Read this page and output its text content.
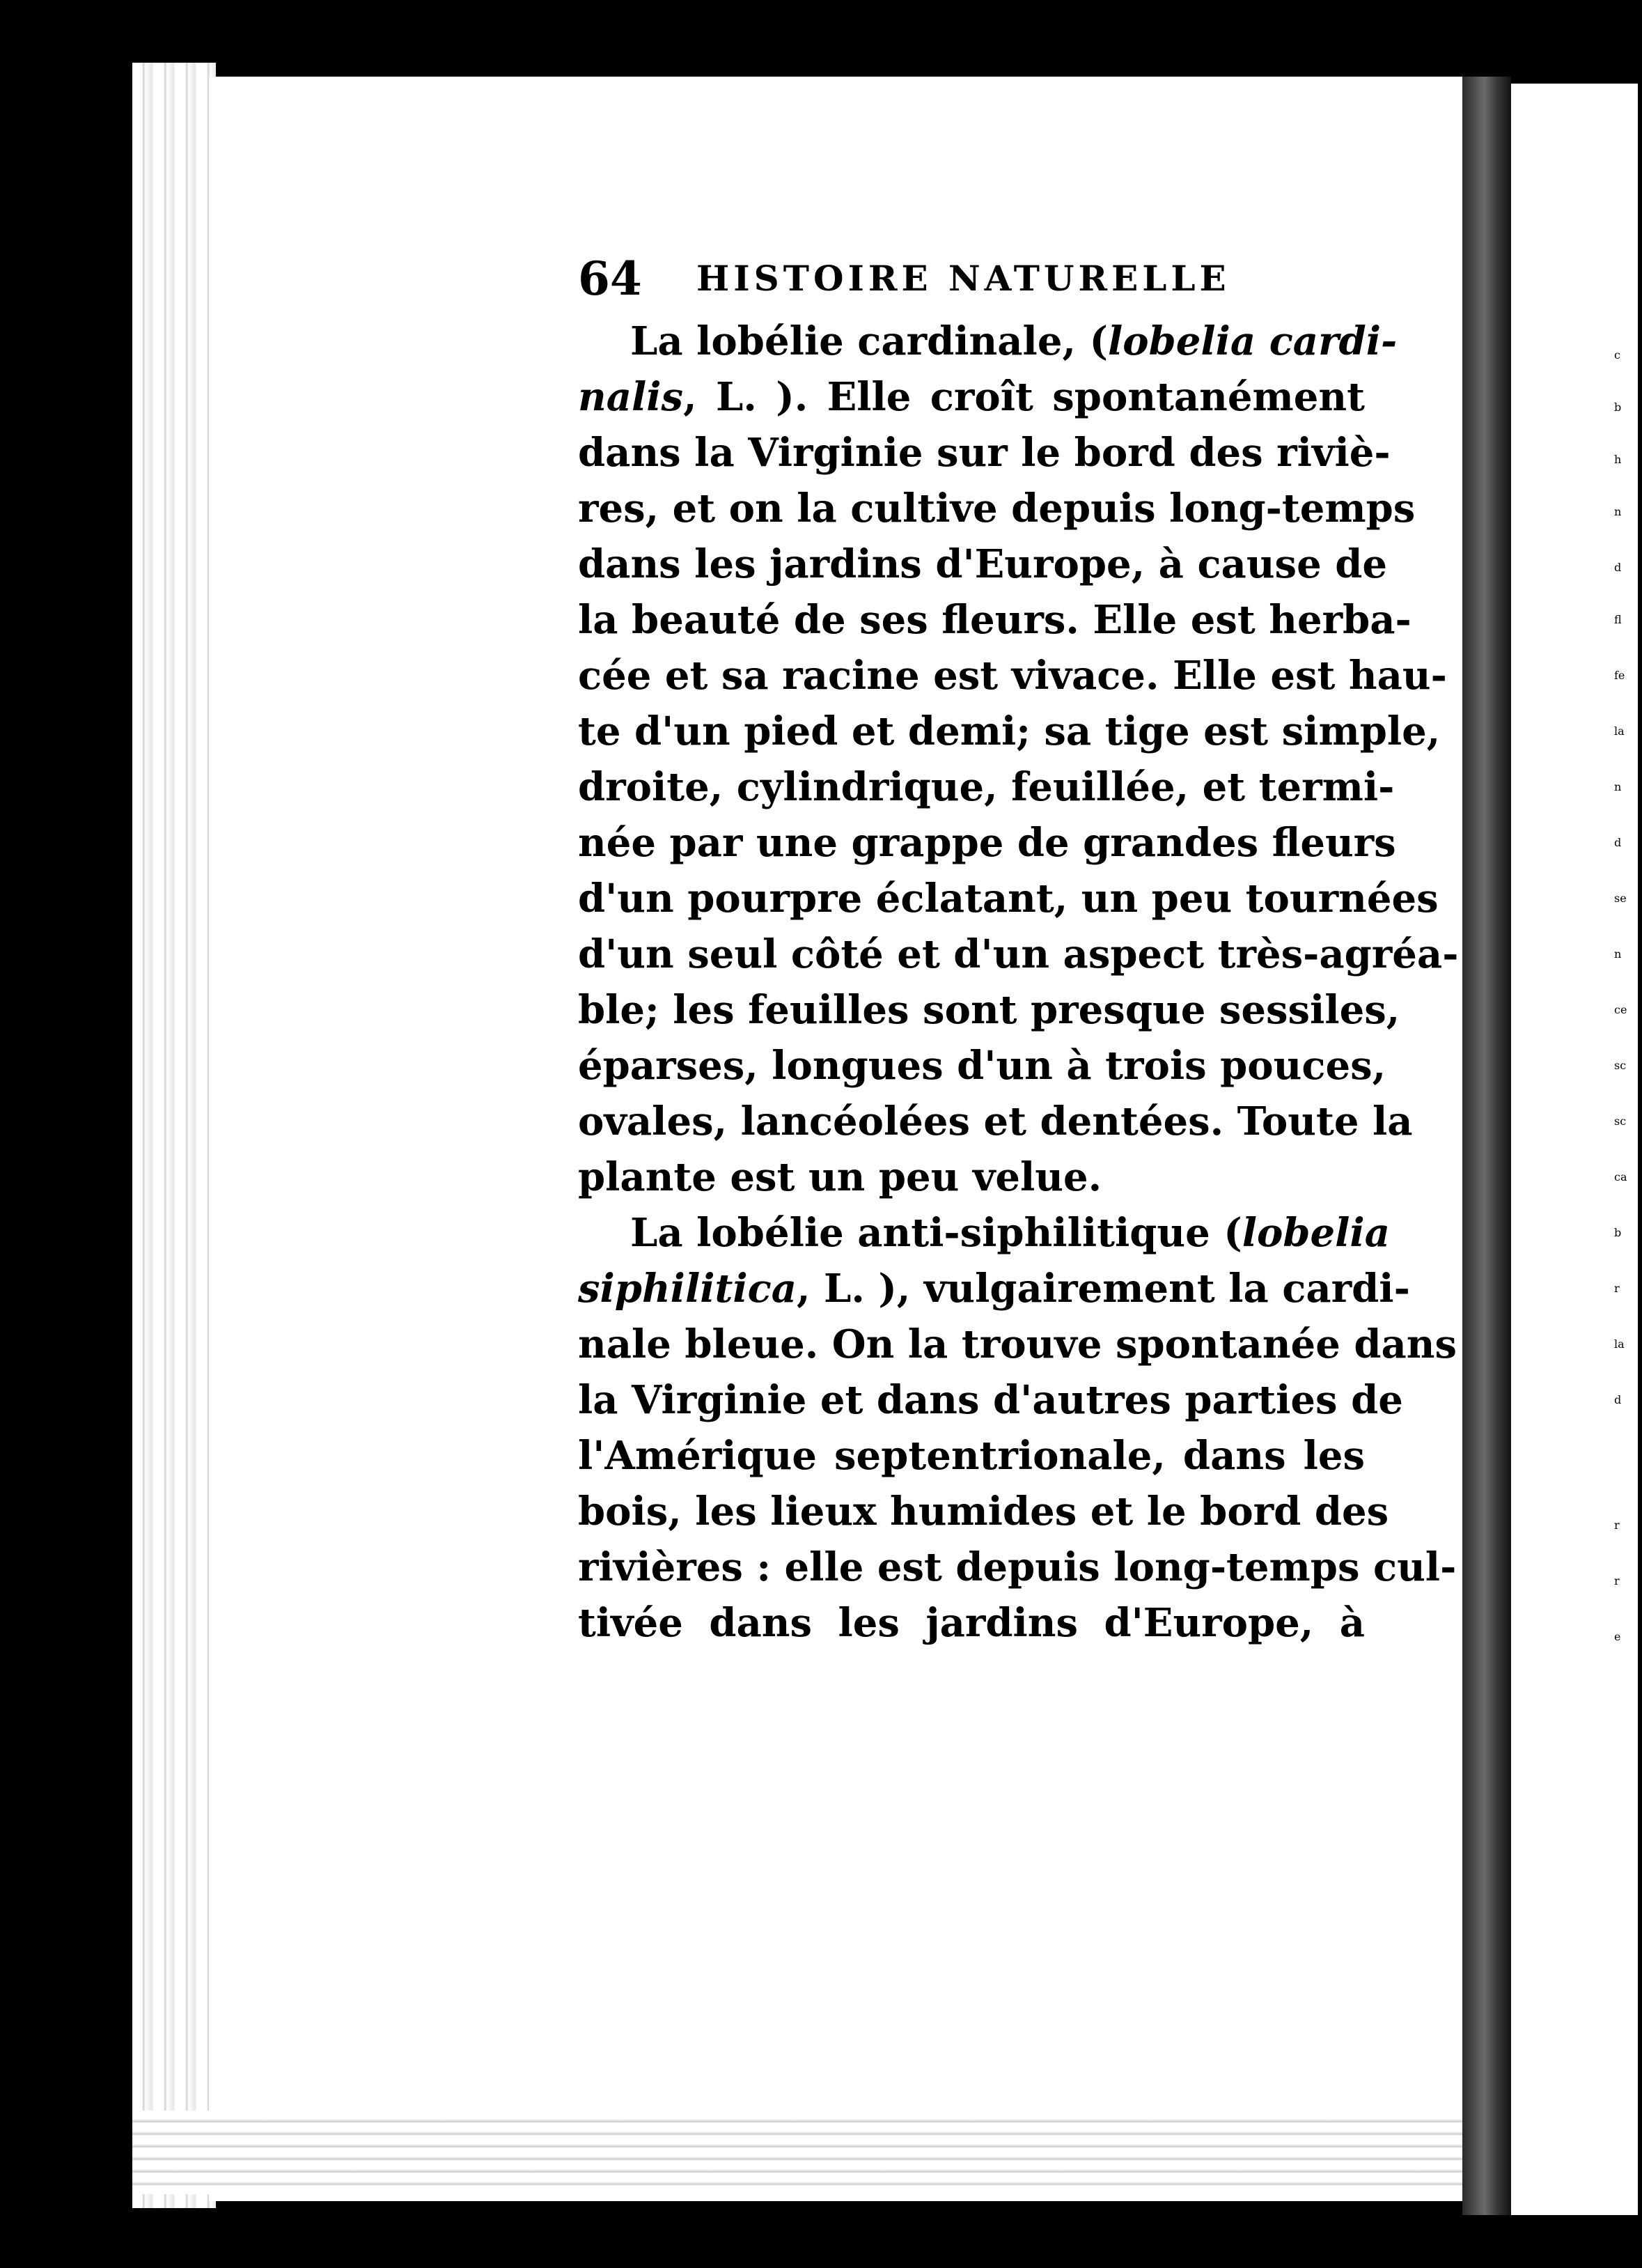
c
b
h
n
d
fl
fe
la
n
d
se
n
ce
sc
sc
ca
b
r
la
d
r
r
e
64 HISTOIRE NATURELLE
La lobélie cardinale, (lobelia cardi-
nalis, L. ). Elle croît spontanément
dans la Virginie sur le bord des riviè-
res, et on la cultive depuis long-temps
dans les jardins d'Europe, à cause de
la beauté de ses fleurs. Elle est herba-
cée et sa racine est vivace. Elle est hau-
te d'un pied et demi; sa tige est simple,
droite, cylindrique, feuillée, et termi-
née par une grappe de grandes fleurs
d'un pourpre éclatant, un peu tournées
d'un seul côté et d'un aspect très-agréa-
ble; les feuilles sont presque sessiles,
éparses, longues d'un à trois pouces,
ovales, lancéolées et dentées. Toute la
plante est un peu velue.
La lobélie anti-siphilitique (lobelia
siphilitica, L. ), vulgairement la cardi-
nale bleue. On la trouve spontanée dans
la Virginie et dans d'autres parties de
l'Amérique septentrionale, dans les
bois, les lieux humides et le bord des
rivières : elle est depuis long-temps cul-
tivée dans les jardins d'Europe, à
